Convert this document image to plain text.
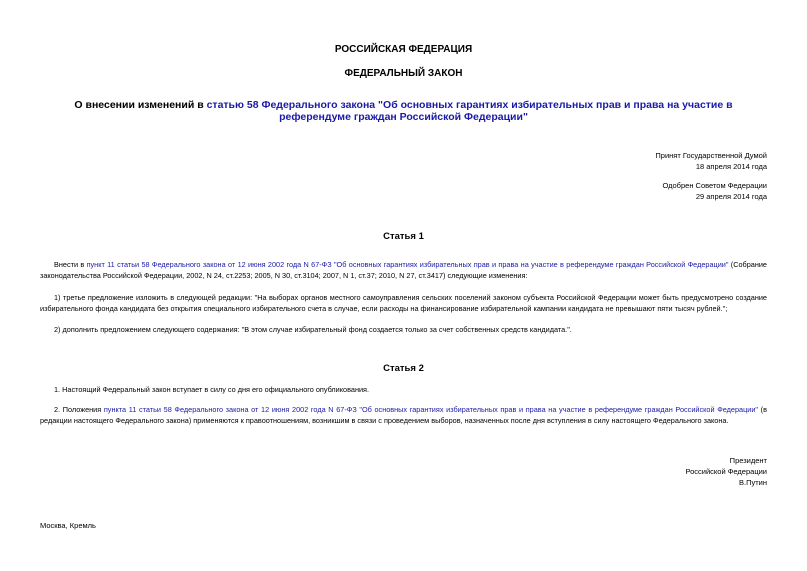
РОССИЙСКАЯ ФЕДЕРАЦИЯ
ФЕДЕРАЛЬНЫЙ ЗАКОН
О внесении изменений в статью 58 Федерального закона "Об основных гарантиях избирательных прав и права на участие в референдуме граждан Российской Федерации"
Принят Государственной Думой
18 апреля 2014 года
Одобрен Советом Федерации
29 апреля 2014 года
Статья 1
Внести в пункт 11 статьи 58 Федерального закона от 12 июня 2002 года N 67-ФЗ "Об основных гарантиях избирательных прав и права на участие в референдуме граждан Российской Федерации" (Собрание законодательства Российской Федерации, 2002, N 24, ст.2253; 2005, N 30, ст.3104; 2007, N 1, ст.37; 2010, N 27, ст.3417) следующие изменения:
1) третье предложение изложить в следующей редакции: "На выборах органов местного самоуправления сельских поселений законом субъекта Российской Федерации может быть предусмотрено создание избирательного фонда кандидата без открытия специального избирательного счета в случае, если расходы на финансирование избирательной кампании кандидата не превышают пяти тысяч рублей.";
2) дополнить предложением следующего содержания: "В этом случае избирательный фонд создается только за счет собственных средств кандидата.".
Статья 2
1. Настоящий Федеральный закон вступает в силу со дня его официального опубликования.
2. Положения пункта 11 статьи 58 Федерального закона от 12 июня 2002 года N 67-ФЗ "Об основных гарантиях избирательных прав и права на участие в референдуме граждан Российской Федерации" (в редакции настоящего Федерального закона) применяются к правоотношениям, возникшим в связи с проведением выборов, назначенных после дня вступления в силу настоящего Федерального закона.
Президент
Российской Федерации
В.Путин
Москва, Кремль
